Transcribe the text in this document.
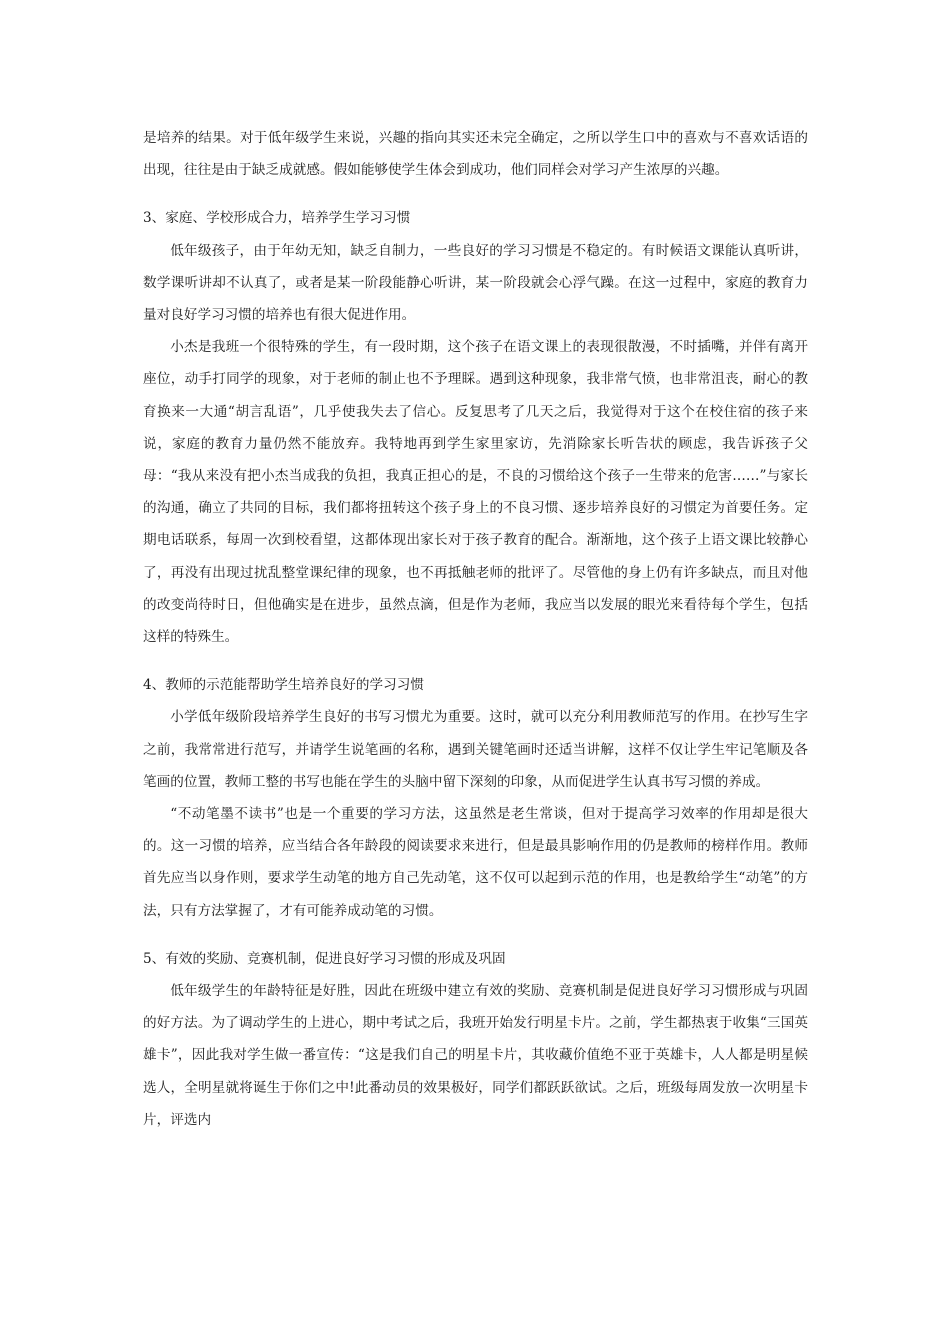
是培养的结果。对于低年级学生来说，兴趣的指向其实还未完全确定，之所以学生口中的喜欢与不喜欢话语的出现，往往是由于缺乏成就感。假如能够使学生体会到成功，他们同样会对学习产生浓厚的兴趣。

3、家庭、学校形成合力，培养学生学习习惯

低年级孩子，由于年幼无知，缺乏自制力，一些良好的学习习惯是不稳定的。有时候语文课能认真听讲，数学课听讲却不认真了，或者是某一阶段能静心听讲，某一阶段就会心浮气躁。在这一过程中，家庭的教育力量对良好学习习惯的培养也有很大促进作用。

小杰是我班一个很特殊的学生，有一段时期，这个孩子在语文课上的表现很散漫，不时插嘴，并伴有离开座位，动手打同学的现象，对于老师的制止也不予理睬。遇到这种现象，我非常气愤，也非常沮丧，耐心的教育换来一大通“胡言乱语”，几乎使我失去了信心。反复思考了几天之后，我觉得对于这个在校住宿的孩子来说，家庭的教育力量仍然不能放弃。我特地再到学生家里家访，先消除家长听告状的顾虑，我告诉孩子父母：“我从来没有把小杰当成我的负担，我真正担心的是，不良的习惯给这个孩子一生带来的危害……”与家长的沟通，确立了共同的目标，我们都将扭转这个孩子身上的不良习惯、逐步培养良好的习惯定为首要任务。定期电话联系，每周一次到校看望，这都体现出家长对于孩子教育的配合。渐渐地，这个孩子上语文课比较静心了，再没有出现过扰乱整堂课纪律的现象，也不再抵触老师的批评了。尽管他的身上仍有许多缺点，而且对他的改变尚待时日，但他确实是在进步，虽然点滴，但是作为老师，我应当以发展的眼光来看待每个学生，包括这样的特殊生。

4、教师的示范能帮助学生培养良好的学习习惯

小学低年级阶段培养学生良好的书写习惯尤为重要。这时，就可以充分利用教师范写的作用。在抄写生字之前，我常常进行范写，并请学生说笔画的名称，遇到关键笔画时还适当讲解，这样不仅让学生牢记笔顺及各笔画的位置，教师工整的书写也能在学生的头脑中留下深刻的印象，从而促进学生认真书写习惯的养成。

“不动笔墨不读书”也是一个重要的学习方法，这虽然是老生常谈，但对于提高学习效率的作用却是很大的。这一习惯的培养，应当结合各年龄段的阅读要求来进行，但是最具影响作用的仍是教师的榜样作用。教师首先应当以身作则，要求学生动笔的地方自己先动笔，这不仅可以起到示范的作用，也是教给学生“动笔”的方法，只有方法掌握了，才有可能养成动笔的习惯。

5、有效的奖励、竞赛机制，促进良好学习习惯的形成及巩固

低年级学生的年龄特征是好胜，因此在班级中建立有效的奖励、竞赛机制是促进良好学习习惯形成与巩固的好方法。为了调动学生的上进心，期中考试之后，我班开始发行明星卡片。之前，学生都热衷于收集“三国英雄卡”，因此我对学生做一番宣传：“这是我们自己的明星卡片，其收藏价值绝不亚于英雄卡，人人都是明星候选人，全明星就将诞生于你们之中!此番动员的效果极好，同学们都跃跃欲试。之后，班级每周发放一次明星卡片，评选内
